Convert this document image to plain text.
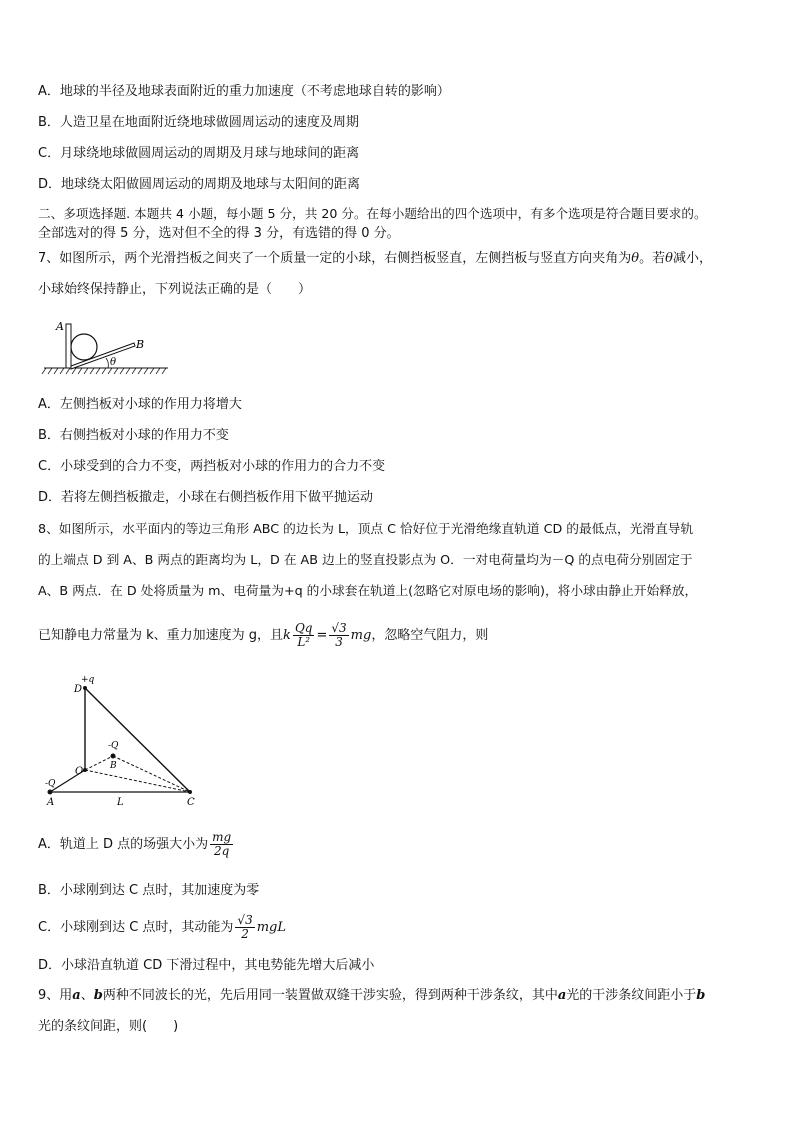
A．地球的半径及地球表面附近的重力加速度（不考虑地球自转的影响）
B．人造卫星在地面附近绕地球做圆周运动的速度及周期
C．月球绕地球做圆周运动的周期及月球与地球间的距离
D．地球绕太阳做圆周运动的周期及地球与太阳间的距离
二、多项选择题. 本题共 4 小题，每小题 5 分，共 20 分。在每小题给出的四个选项中，有多个选项是符合题目要求的。
全部选对的得 5 分，选对但不全的得 3 分，有选错的得 0 分。
7、如图所示，两个光滑挡板之间夹了一个质量一定的小球，右侧挡板竖直，左侧挡板与竖直方向夹角为θ。若θ减小，
小球始终保持静止，下列说法正确的是（　　）
A
B
θ
A．左侧挡板对小球的作用力将增大
B．右侧挡板对小球的作用力不变
C．小球受到的合力不变，两挡板对小球的作用力的合力不变
D．若将左侧挡板撤走，小球在右侧挡板作用下做平抛运动
8、如图所示，水平面内的等边三角形 ABC 的边长为 L，顶点 C 恰好位于光滑绝缘直轨道 CD 的最低点，光滑直导轨
的上端点 D 到 A、B 两点的距离均为 L，D 在 AB 边上的竖直投影点为 O．一对电荷量均为－Q 的点电荷分别固定于
A、B 两点．在 D 处将质量为 m、电荷量为+q 的小球套在轨道上(忽略它对原电场的影响)，将小球由静止开始释放，
已知静电力常量为 k、重力加速度为 g，且k $\frac{Qq}{\text{L²}} = \frac{√3}{3}$ mg，忽略空气阻力，则
+q
D
-Q
B
O
-Q
A	L	C
A．轨道上 D 点的场强大小为 $\frac{mg}{2q}$
B．小球刚到达 C 点时，其加速度为零
C．小球刚到达 C 点时，其动能为 $\frac{√3}{2}$ mgL
D．小球沿直轨道 CD 下滑过程中，其电势能先增大后减小
9、用a、b两种不同波长的光，先后用同一装置做双缝干涉实验，得到两种干涉条纹，其中a光的干涉条纹间距小于b
光的条纹间距，则(　　)
